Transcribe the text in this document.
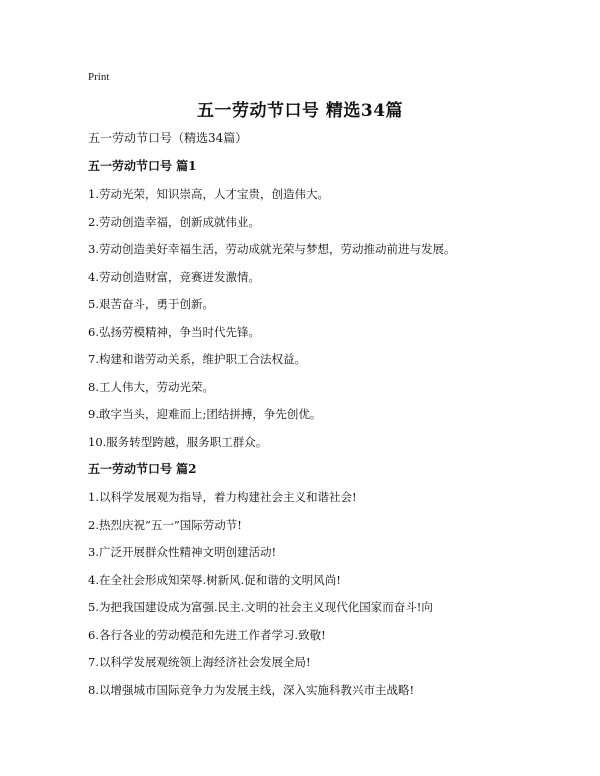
Print
五一劳动节口号 精选34篇
五一劳动节口号（精选34篇）
五一劳动节口号 篇1
1.劳动光荣，知识崇高，人才宝贵，创造伟大。
2.劳动创造幸福，创新成就伟业。
3.劳动创造美好幸福生活，劳动成就光荣与梦想，劳动推动前进与发展。
4.劳动创造财富，竞赛迸发激情。
5.艰苦奋斗，勇于创新。
6.弘扬劳模精神，争当时代先锋。
7.构建和谐劳动关系，维护职工合法权益。
8.工人伟大，劳动光荣。
9.敢字当头，迎难而上;团结拼搏，争先创优。
10.服务转型跨越，服务职工群众。
五一劳动节口号 篇2
1.以科学发展观为指导，着力构建社会主义和谐社会!
2.热烈庆祝“五一”国际劳动节!
3.广泛开展群众性精神文明创建活动!
4.在全社会形成知荣辱.树新风.促和谐的文明风尚!
5.为把我国建设成为富强.民主.文明的社会主义现代化国家而奋斗!向
6.各行各业的劳动模范和先进工作者学习.致敬!
7.以科学发展观统领上海经济社会发展全局!
8.以增强城市国际竞争力为发展主线，深入实施科教兴市主战略!
